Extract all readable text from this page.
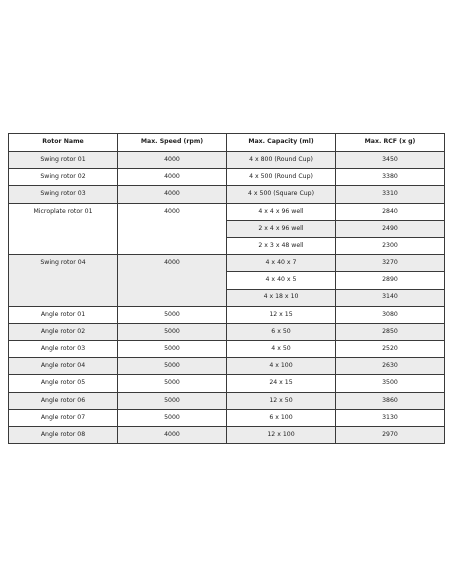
Rotor Name	Max. Speed (rpm)	Max. Capacity (ml)	Max. RCF (x g)
Swing rotor 01	4000	4 x 800 (Round Cup)	3450
Swing rotor 02	4000	4 x 500 (Round Cup)	3380
Swing rotor 03	4000	4 x 500 (Square Cup)	3310
Microplate rotor 01	4000	4 x 4 x 96 well	2840
		2 x 4 x 96 well	2490
		2 x 3 x 48 well	2300
Swing rotor 04	4000	4 x 40 x 7	3270
		4 x 40 x 5	2890
		4 x 18 x 10	3140
Angle rotor 01	5000	12 x 15	3080
Angle rotor 02	5000	6 x 50	2850
Angle rotor 03	5000	4 x 50	2520
Angle rotor 04	5000	4 x 100	2630
Angle rotor 05	5000	24 x 15	3500
Angle rotor 06	5000	12 x 50	3860
Angle rotor 07	5000	6 x 100	3130
Angle rotor 08	4000	12 x 100	2970
